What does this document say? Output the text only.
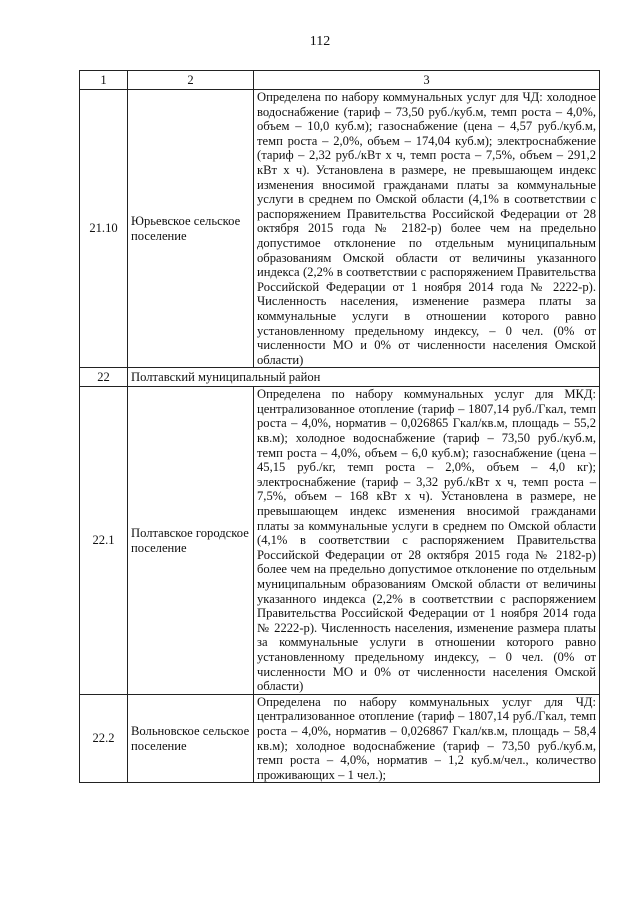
112
1	2	3
21.10	Юрьевское сельское поселение	Определена по набору коммунальных услуг для ЧД: холодное водоснабжение (тариф – 73,50 руб./куб.м, темп роста – 4,0%, объем – 10,0 куб.м); газоснабжение (цена – 4,57 руб./куб.м, темп роста – 2,0%, объем – 174,04 куб.м); электроснабжение (тариф – 2,32 руб./кВт х ч, темп роста – 7,5%, объем – 291,2 кВт х ч). Установлена в размере, не превышающем индекс изменения вносимой гражданами платы за коммунальные услуги в среднем по Омской области (4,1% в соответствии с распоряжением Правительства Российской Федерации от 28 октября 2015 года № 2182-р) более чем на предельно допустимое отклонение по отдельным муниципальным образованиям Омской области от величины указанного индекса (2,2% в соответствии с распоряжением Правительства Российской Федерации от 1 ноября 2014 года № 2222-р). Численность населения, изменение размера платы за коммунальные услуги в отношении которого равно установленному предельному индексу, – 0 чел. (0% от численности МО и 0% от численности населения Омской области)
22	Полтавский муниципальный район	
22.1	Полтавское городское поселение	Определена по набору коммунальных услуг для МКД: централизованное отопление (тариф – 1807,14 руб./Гкал, темп роста – 4,0%, норматив – 0,026865 Гкал/кв.м, площадь – 55,2 кв.м); холодное водоснабжение (тариф – 73,50 руб./куб.м, темп роста – 4,0%, объем – 6,0 куб.м); газоснабжение (цена – 45,15 руб./кг, темп роста – 2,0%, объем – 4,0 кг); электроснабжение (тариф – 3,32 руб./кВт х ч, темп роста – 7,5%, объем – 168 кВт х ч). Установлена в размере, не превышающем индекс изменения вносимой гражданами платы за коммунальные услуги в среднем по Омской области (4,1% в соответствии с распоряжением Правительства Российской Федерации от 28 октября 2015 года № 2182-р) более чем на предельно допустимое отклонение по отдельным муниципальным образованиям Омской области от величины указанного индекса (2,2% в соответствии с распоряжением Правительства Российской Федерации от 1 ноября 2014 года № 2222-р). Численность населения, изменение размера платы за коммунальные услуги в отношении которого равно установленному предельному индексу, – 0 чел. (0% от численности МО и 0% от численности населения Омской области)
22.2	Вольновское сельское поселение	Определена по набору коммунальных услуг для ЧД: централизованное отопление (тариф – 1807,14 руб./Гкал, темп роста – 4,0%, норматив – 0,026867 Гкал/кв.м, площадь – 58,4 кв.м); холодное водоснабжение (тариф – 73,50 руб./куб.м, темп роста – 4,0%, норматив – 1,2 куб.м/чел., количество проживающих – 1 чел.);
